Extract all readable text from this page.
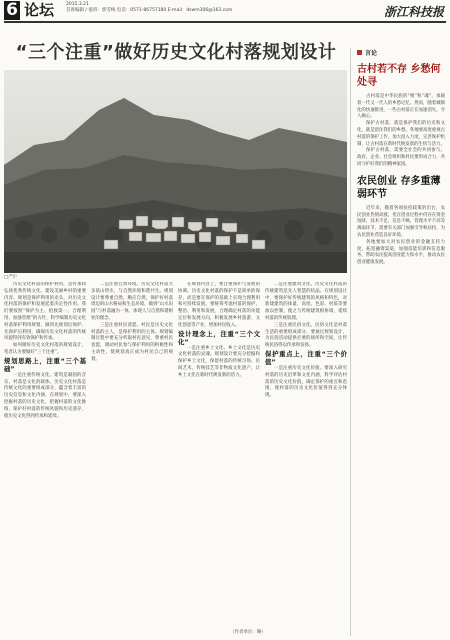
6 论坛	2015.3.21
首席编辑 / 值班：郭雪梅 电话：0571-86757180 E-mail：dswm306@163.com	浙江科技报
“三个注重”做好历史文化村落规划设计
□严沪

历史文化村落的保护利用，是传承和弘扬优秀传统文化、建设美丽乡村的重要内容。规划是保护利用的龙头，对历史文化村落的保护和发展起着决定性作用。我们要按照“保护为主、抢救第一、合理利用、加强管理”的方针，科学编制历史文化村落保护利用规划，做到先规划后保护、先保护后利用，确保历史文化村落的传统风貌得到有效保护和传承。

如何做好历史文化村落的规划设计，笔者认为要做好“三个注重”。

规划思路上，注重“三个基础”

一是注重传统文化。建筑是凝固的音乐，村落是文化的载体。历史文化村落是传统文化的重要组成部分，蕴含着丰富的历史信息和文化内涵。在规划中，要深入挖掘村落的历史文化，把握村落的文化脉络，保护好村落的传统风貌和历史遗存，使历史文化得到传承和延续。

二是注重自然环境。历史文化村落大多依山傍水，与自然环境和谐共生。规划设计要尊重自然、顺应自然，保护好村落周边的山水格局和生态环境，做到“山水田园”与村落融为一体，体现人与自然和谐相处的理念。

三是注重村民意愿。村民是历史文化村落的主人，是保护利用的主体。规划编制过程中要充分听取村民意见，尊重村民意愿，调动村民参与保护利用的积极性和主动性，使规划真正成为村民自己的规划。

在规划内容上，要注重保护与发展的协调。历史文化村落的保护不是简单的保存，而是要在保护的基础上实现合理利用和可持续发展。要统筹考虑村落的保护、整治、利用和发展，合理确定村落的功能定位和发展方向，积极发展乡村旅游、文化创意等产业，增加村民收入。

设计理念上，注重“三个文化”

一是注重乡土文化。乡土文化是历史文化村落的灵魂。规划设计要充分挖掘和保护乡土文化，保留村落的传统习俗、民间艺术、传统技艺等非物质文化遗产，让乡土文化在新时代焕发新的活力。

二是注重建筑文化。历史文化村落的传统建筑是先人智慧的结晶。在规划设计中，要保护好传统建筑的风格和特色，对新建建筑的体量、高度、色彩、材质等要加以控制，使之与传统建筑相协调，延续村落的传统肌理。

三是注重民俗文化。民俗文化是村落生活的重要组成部分。要通过规划设计，为民俗活动提供必要的场所和空间，让传统民俗得以传承和发扬。

保护重点上，注重“三个价值”

一是注重历史文化价值。要深入研究村落的历史沿革和文化内涵，科学评估村落的历史文化价值，确定保护的重点和范围，使村落的历史文化价值得到充分体现。

言论
古村若不存 乡愁何处寻

古村落是中华民族的“根”和“魂”，承载着一代又一代人的乡愁记忆。然而，随着城镇化的快速推进，一些古村落正在加速消失，令人痛心。

保护古村落，就是保护我们的历史和文化，就是留住我们的乡愁。各地要高度重视古村落的保护工作，加大投入力度，完善保护机制，让古村落在新时代焕发新的生机与活力。

保护古村落，需要全社会的共同参与。政府、企业、社会组织和村民要形成合力，共同守护好我们的精神家园。

农民创业 存多重薄弱环节

近年来，随着各项扶持政策的出台，农民创业热情高涨，但在创业过程中仍存在资金短缺、技术不足、信息不畅、管理水平不高等薄弱环节，需要有关部门加强引导和扶持，为农民创业营造良好环境。

各地要加大对农民创业的金融支持力度，拓宽融资渠道，加强技能培训和信息服务，帮助农民提高创业能力和水平，推动农民创业健康发展。

（作者单位：略）
